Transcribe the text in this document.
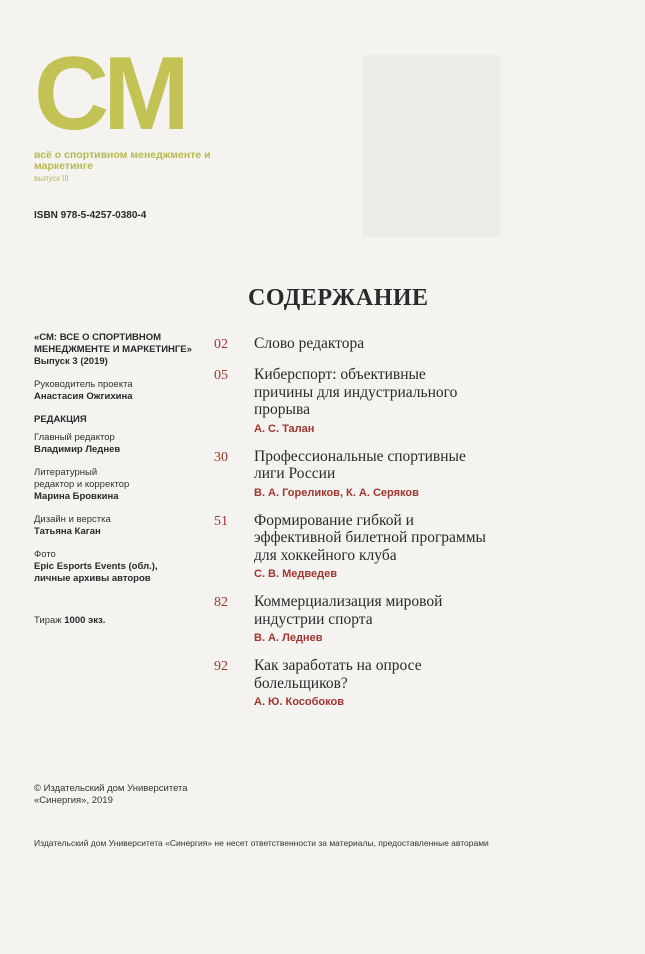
CM
всё о спортивном менеджменте и маркетинге
выпуск III
ISBN 978-5-4257-0380-4
СОДЕРЖАНИЕ
«СМ: ВСЕ О СПОРТИВНОМ МЕНЕДЖМЕНТЕ И МАРКЕТИНГЕ»
Выпуск 3 (2019)
Руководитель проекта
Анастасия Ожгихина
РЕДАКЦИЯ
Главный редактор
Владимир Леднев
Литературный редактор и корректор
Марина Бровкина
Дизайн и верстка
Татьяна Каган
Фото
Epic Esports Events (обл.), личные архивы авторов
Тираж 1000 экз.
02	Слово редактора
05	Киберспорт: объективные причины для индустриального прорыва
А. С. Талан
30	Профессиональные спортивные лиги России
В. А. Гореликов, К. А. Серяков
51	Формирование гибкой и эффективной билетной программы для хоккейного клуба
С. В. Медведев
82	Коммерциализация мировой индустрии спорта
В. А. Леднев
92	Как заработать на опросе болельщиков?
А. Ю. Кособоков
© Издательский дом Университета «Синергия», 2019
Издательский дом Университета «Синергия» не несет ответственности за материалы, предоставленные авторами
